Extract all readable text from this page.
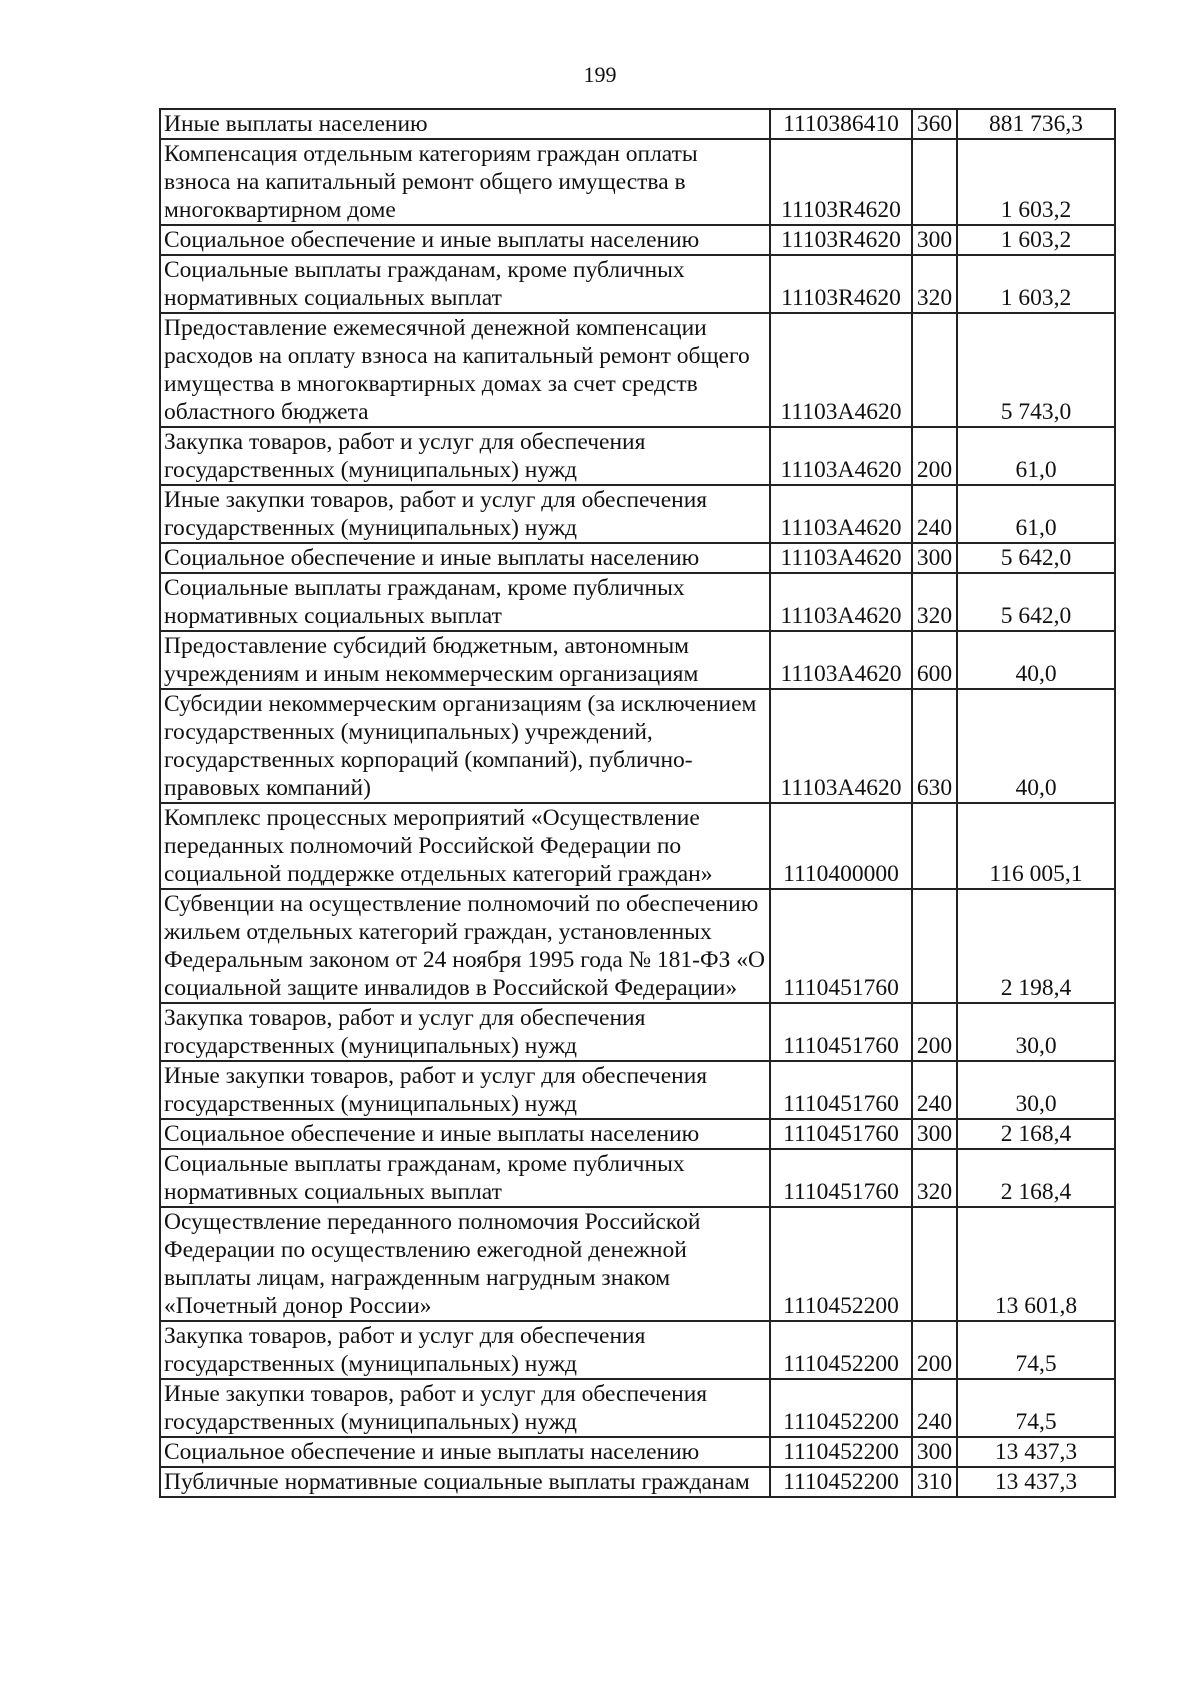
199
Иные выплаты населению	1110386410	360	881 736,3
Компенсация отдельным категориям граждан оплаты взноса на капитальный ремонт общего имущества в многоквартирном доме	11103R4620		1 603,2
Социальное обеспечение и иные выплаты населению	11103R4620	300	1 603,2
Социальные выплаты гражданам, кроме публичных нормативных социальных выплат	11103R4620	320	1 603,2
Предоставление ежемесячной денежной компенсации расходов на оплату взноса на капитальный ремонт общего имущества в многоквартирных домах за счет средств областного бюджета	11103А4620		5 743,0
Закупка товаров, работ и услуг для обеспечения государственных (муниципальных) нужд	11103А4620	200	61,0
Иные закупки товаров, работ и услуг для обеспечения государственных (муниципальных) нужд	11103А4620	240	61,0
Социальное обеспечение и иные выплаты населению	11103А4620	300	5 642,0
Социальные выплаты гражданам, кроме публичных нормативных социальных выплат	11103А4620	320	5 642,0
Предоставление субсидий бюджетным, автономным учреждениям и иным некоммерческим организациям	11103А4620	600	40,0
Субсидии некоммерческим организациям (за исключением государственных (муниципальных) учреждений, государственных корпораций (компаний), публично-правовых компаний)	11103А4620	630	40,0
Комплекс процессных мероприятий «Осуществление переданных полномочий Российской Федерации по социальной поддержке отдельных категорий граждан»	1110400000		116 005,1
Субвенции на осуществление полномочий по обеспечению жильем отдельных категорий граждан, установленных Федеральным законом от 24 ноября 1995 года № 181-ФЗ «О социальной защите инвалидов в Российской Федерации»	1110451760		2 198,4
Закупка товаров, работ и услуг для обеспечения государственных (муниципальных) нужд	1110451760	200	30,0
Иные закупки товаров, работ и услуг для обеспечения государственных (муниципальных) нужд	1110451760	240	30,0
Социальное обеспечение и иные выплаты населению	1110451760	300	2 168,4
Социальные выплаты гражданам, кроме публичных нормативных социальных выплат	1110451760	320	2 168,4
Осуществление переданного полномочия Российской Федерации по осуществлению ежегодной денежной выплаты лицам, награжденным нагрудным знаком «Почетный донор России»	1110452200		13 601,8
Закупка товаров, работ и услуг для обеспечения государственных (муниципальных) нужд	1110452200	200	74,5
Иные закупки товаров, работ и услуг для обеспечения государственных (муниципальных) нужд	1110452200	240	74,5
Социальное обеспечение и иные выплаты населению	1110452200	300	13 437,3
Публичные нормативные социальные выплаты гражданам	1110452200	310	13 437,3
